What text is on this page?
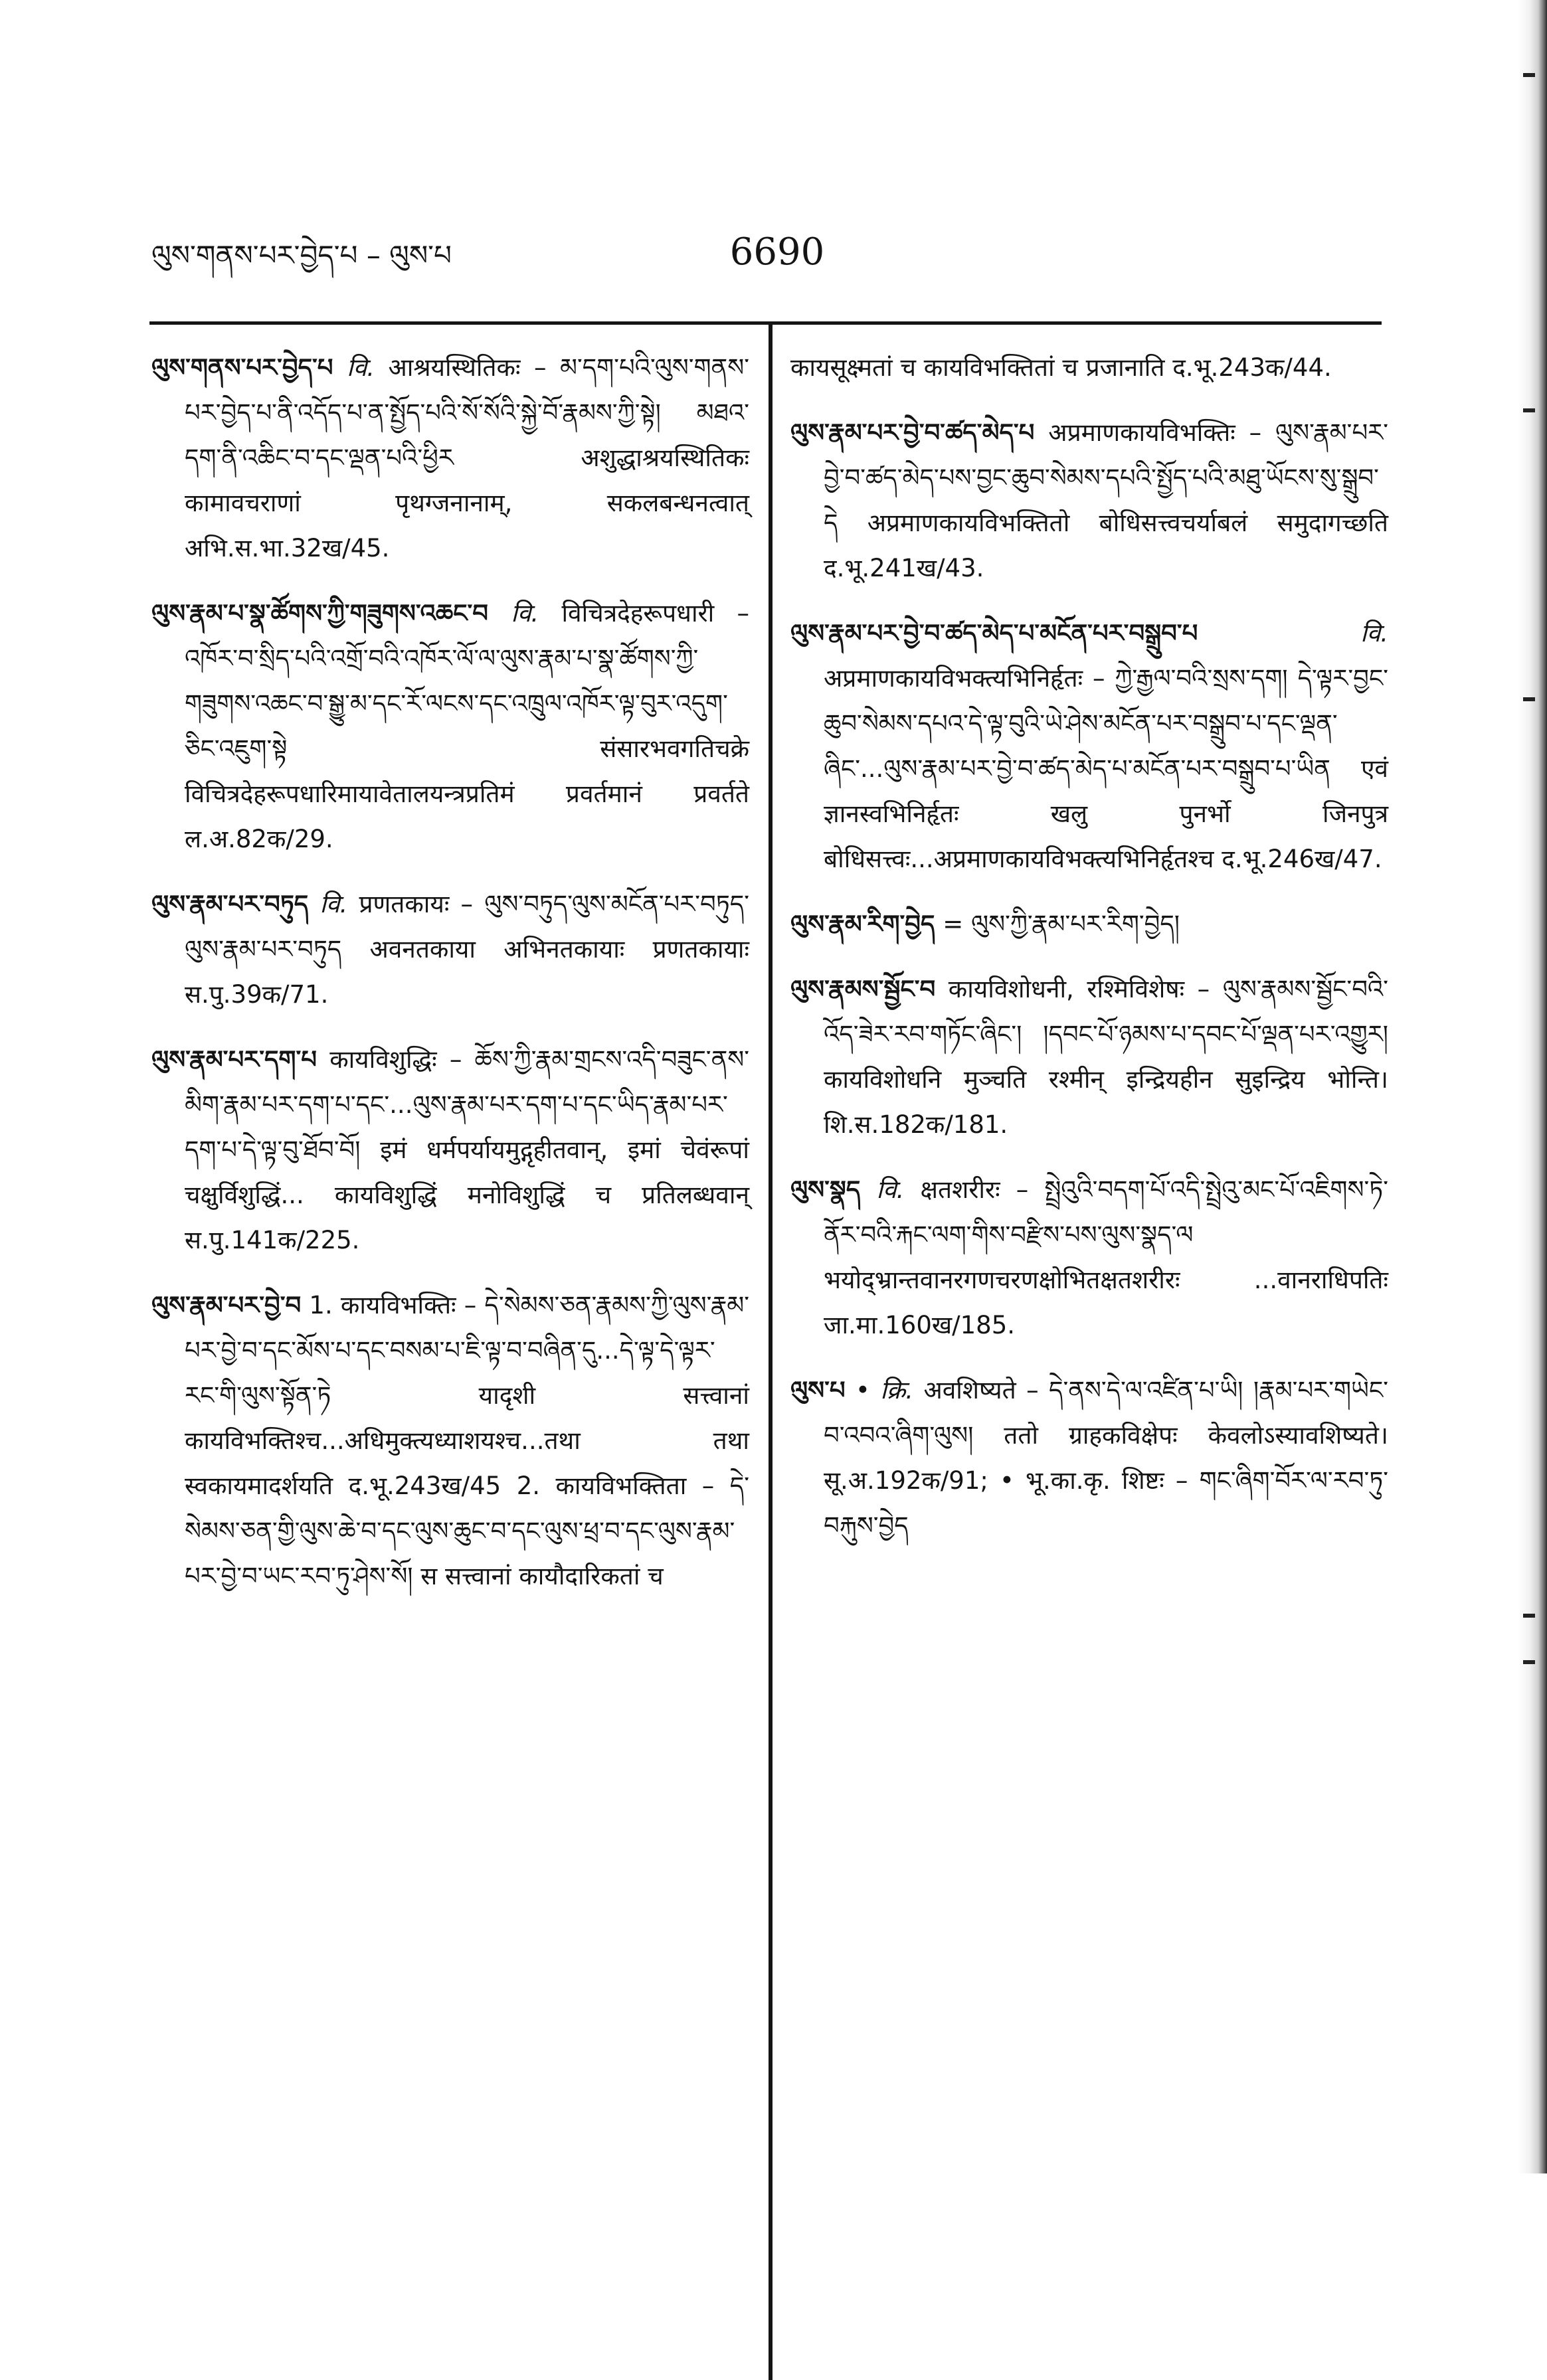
ལུས་གནས་པར་བྱེད་པ – ལུས་པ	6690
ལུས་གནས་པར་བྱེད་པ वि. आश्रयस्थितिकः – མ་དག་པའི་ལུས་གནས་པར་བྱེད་པ་ནི་འདོད་པ་ན་སྤྱོད་པའི་སོ་སོའི་སྐྱེ་བོ་རྣམས་ཀྱི་སྟེ། མཐའ་དག་ནི་འཆིང་བ་དང་ལྡན་པའི་ཕྱིར अशुद्धाश्रयस्थितिकः कामावचराणां पृथग्जनानाम्, सकलबन्धनत्वात् अभि.स.भा.32ख/45.
ལུས་རྣམ་པ་སྣ་ཚོགས་ཀྱི་གཟུགས་འཆང་བ वि. विचित्रदेहरूपधारी – འཁོར་བ་སྲིད་པའི་འགྲོ་བའི་འཁོར་ལོ་ལ་ལུས་རྣམ་པ་སྣ་ཚོགས་ཀྱི་གཟུགས་འཆང་བ་སྒྱུ་མ་དང་རོ་ལངས་དང་འཁྲུལ་འཁོར་ལྟ་བུར་འདུག་ཅིང་འཇུག་སྟེ संसारभवगतिचक्रे विचित्रदेहरूपधारिमायावेतालयन्त्रप्रतिमं प्रवर्तमानं प्रवर्तते ल.अ.82क/29.
ལུས་རྣམ་པར་བཏུད वि. प्रणतकायः – ལུས་བཏུད་ལུས་མངོན་པར་བཏུད་ལུས་རྣམ་པར་བཏུད अवनतकाया अभिनतकायाः प्रणतकायाः स.पु.39क/71.
ལུས་རྣམ་པར་དག་པ कायविशुद्धिः – ཆོས་ཀྱི་རྣམ་གྲངས་འདི་བཟུང་ནས་མིག་རྣམ་པར་དག་པ་དང་...ལུས་རྣམ་པར་དག་པ་དང་ཡིད་རྣམ་པར་དག་པ་དེ་ལྟ་བུ་ཐོབ་བོ། इमं धर्मपर्यायमुद्गृहीतवान्, इमां चेवंरूपां चक्षुर्विशुद्धिं... कायविशुद्धिं मनोविशुद्धिं च प्रतिलब्धवान् स.पु.141क/225.
ལུས་རྣམ་པར་བྱེ་བ 1. कायविभक्तिः – དེ་སེམས་ཅན་རྣམས་ཀྱི་ལུས་རྣམ་པར་བྱེ་བ་དང་མོས་པ་དང་བསམ་པ་ཇི་ལྟ་བ་བཞིན་དུ...དེ་ལྟ་དེ་ལྟར་རང་གི་ལུས་སྟོན་ཏེ यादृशी सत्त्वानां कायविभक्तिश्च...अधिमुक्त्यध्याशयश्च...तथा तथा स्वकायमादर्शयति द.भू.243ख/45 2. कायविभक्तिता – དེ་སེམས་ཅན་གྱི་ལུས་ཆེ་བ་དང་ལུས་ཆུང་བ་དང་ལུས་ཕྲ་བ་དང་ལུས་རྣམ་པར་བྱེ་བ་ཡང་རབ་ཏུ་ཤེས་སོ། स सत्त्वानां कायौदारिकतां च
कायसूक्ष्मतां च कायविभक्तितां च प्रजानाति द.भू.243क/44.
ལུས་རྣམ་པར་བྱེ་བ་ཚད་མེད་པ अप्रमाणकायविभक्तिः – ལུས་རྣམ་པར་བྱེ་བ་ཚད་མེད་པས་བྱང་ཆུབ་སེམས་དཔའི་སྤྱོད་པའི་མཐུ་ཡོངས་སུ་སྒྲུབ་དེ अप्रमाणकायविभक्तितो बोधिसत्त्वचर्याबलं समुदागच्छति द.भू.241ख/43.
ལུས་རྣམ་པར་བྱེ་བ་ཚད་མེད་པ་མངོན་པར་བསྒྲུབ་པ	वि. अप्रमाणकायविभक्त्यभिनिर्हृतः – ཀྱེ་རྒྱལ་བའི་སྲས་དག། དེ་ལྟར་བྱང་ཆུབ་སེམས་དཔའ་དེ་ལྟ་བུའི་ཡེ་ཤེས་མངོན་པར་བསྒྲུབ་པ་དང་ལྡན་ཞིང་...ལུས་རྣམ་པར་བྱེ་བ་ཚད་མེད་པ་མངོན་པར་བསྒྲུབ་པ་ཡིན एवं ज्ञानस्वभिनिर्हृतः खलु पुनर्भो जिनपुत्र बोधिसत्त्वः...अप्रमाणकायविभक्त्यभिनिर्हृतश्च द.भू.246ख/47.
ལུས་རྣམ་རིག་བྱེད = ལུས་ཀྱི་རྣམ་པར་རིག་བྱེད།
ལུས་རྣམས་སྦྱོང་བ कायविशोधनी, रश्मिविशेषः – ལུས་རྣམས་སྦྱོང་བའི་འོད་ཟེར་རབ་གཏོང་ཞིང་། །དབང་པོ་ཉམས་པ་དབང་པོ་ལྡན་པར་འགྱུར། कायविशोधनि मुञ्चति रश्मीन् इन्द्रियहीन सुइन्द्रिय भोन्ति। शि.स.182क/181.
ལུས་སྣད वि. क्षतशरीरः – སྤྲེའུའི་བདག་པོ་འདི་སྤྲེའུ་མང་པོ་འཇིགས་ཏེ་ནོར་བའི་རྐང་ལག་གིས་བརྫིས་པས་ལུས་སྣད་ལ भयोद्भ्रान्तवानरगणचरणक्षोभितक्षतशरीरः ...वानराधिपतिः जा.मा.160ख/185.
ལུས་པ • क्रि. अवशिष्यते – དེ་ནས་དེ་ལ་འཛིན་པ་ཡི། །རྣམ་པར་གཡེང་བ་འབའ་ཞིག་ལུས། ततो ग्राहकविक्षेपः केवलोऽस्यावशिष्यते। सू.अ.192क/91; • भू.का.कृ. शिष्टः – གང་ཞིག་བོར་ལ་རབ་ཏུ་བརྐུས་བྱེད
